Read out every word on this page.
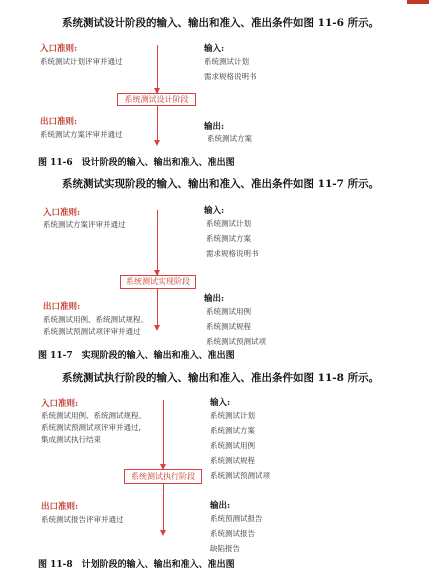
系统测试设计阶段的输入、输出和准入、准出条件如图 11-6 所示。
入口准则:
系统测试计划评审并通过
输入:
系统测试计划
需求规格说明书
系统测试设计阶段
出口准则:
系统测试方案评审并通过
输出:
系统测试方案
图 11-6　设计阶段的输入、输出和准入、准出图
系统测试实现阶段的输入、输出和准入、准出条件如图 11-7 所示。
入口准则:
系统测试方案评审并通过
输入:
系统测试计划
系统测试方案
需求规格说明书
系统测试实现阶段
出口准则:
系统测试用例、系统测试规程、
系统测试预测试项评审并通过
输出:
系统测试用例
系统测试规程
系统测试预测试项
图 11-7　实现阶段的输入、输出和准入、准出图
系统测试执行阶段的输入、输出和准入、准出条件如图 11-8 所示。
入口准则:
系统测试用例、系统测试规程、
系统测试预测试项评审并通过,
集成测试执行结束
输入:
系统测试计划
系统测试方案
系统测试用例
系统测试规程
系统测试预测试项
系统测试执行阶段
出口准则:
系统测试报告评审并通过
输出:
系统预测试报告
系统测试报告
缺陷报告
图 11-8　计划阶段的输入、输出和准入、准出图
